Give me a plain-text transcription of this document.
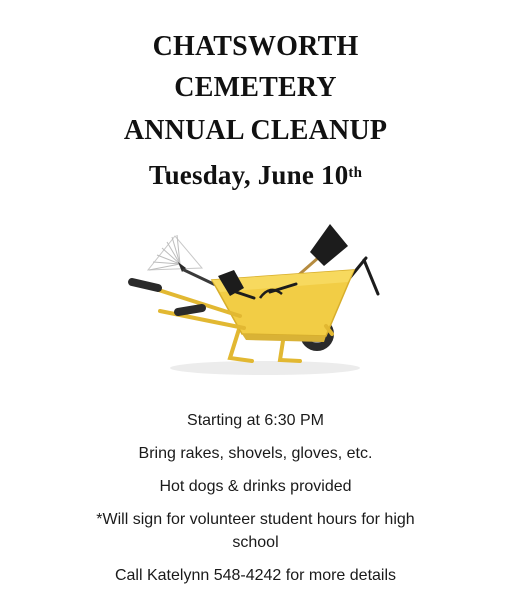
CHATSWORTH
CEMETERY
ANNUAL CLEANUP
Tuesday, June 10th
Starting at 6:30 PM
Bring rakes, shovels, gloves, etc.
Hot dogs & drinks provided
*Will sign for volunteer student hours for high
school
Call Katelynn 548-4242 for more details
